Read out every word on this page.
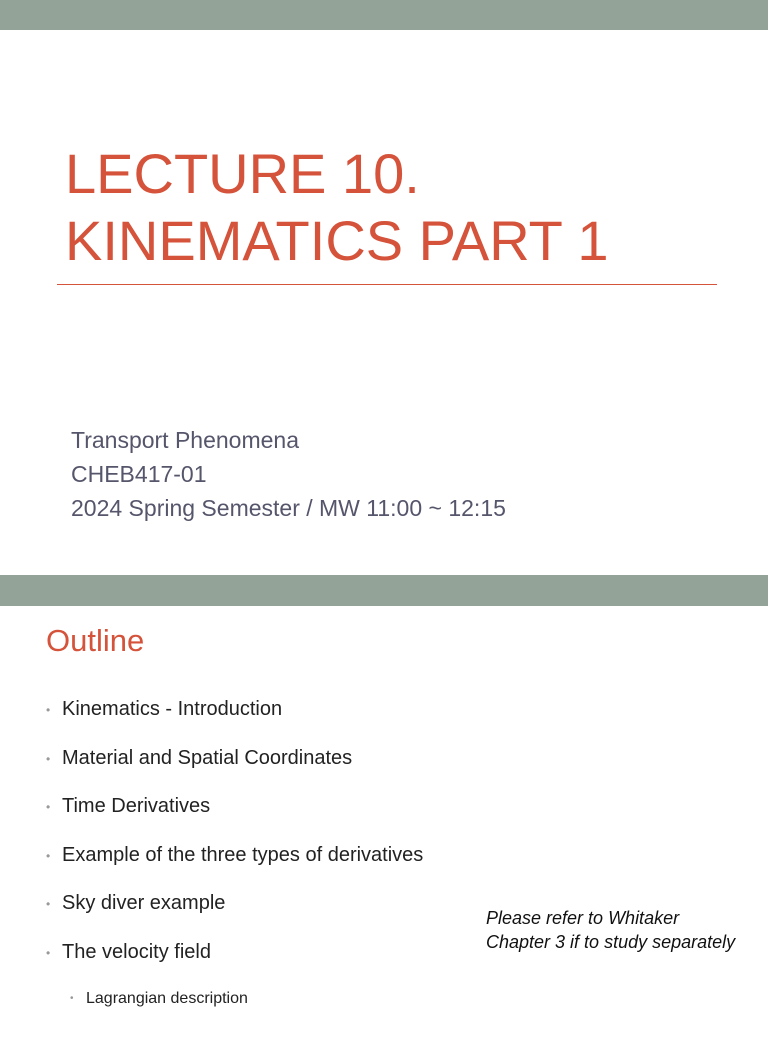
LECTURE 10.
KINEMATICS PART 1
Transport Phenomena
CHEB417-01
2024 Spring Semester / MW 11:00 ~ 12:15
Outline
• Kinematics - Introduction
• Material and Spatial Coordinates
• Time Derivatives
• Example of the three types of derivatives
• Sky diver example
• The velocity field
• Lagrangian description
Please refer to Whitaker
Chapter 3 if to study separately
